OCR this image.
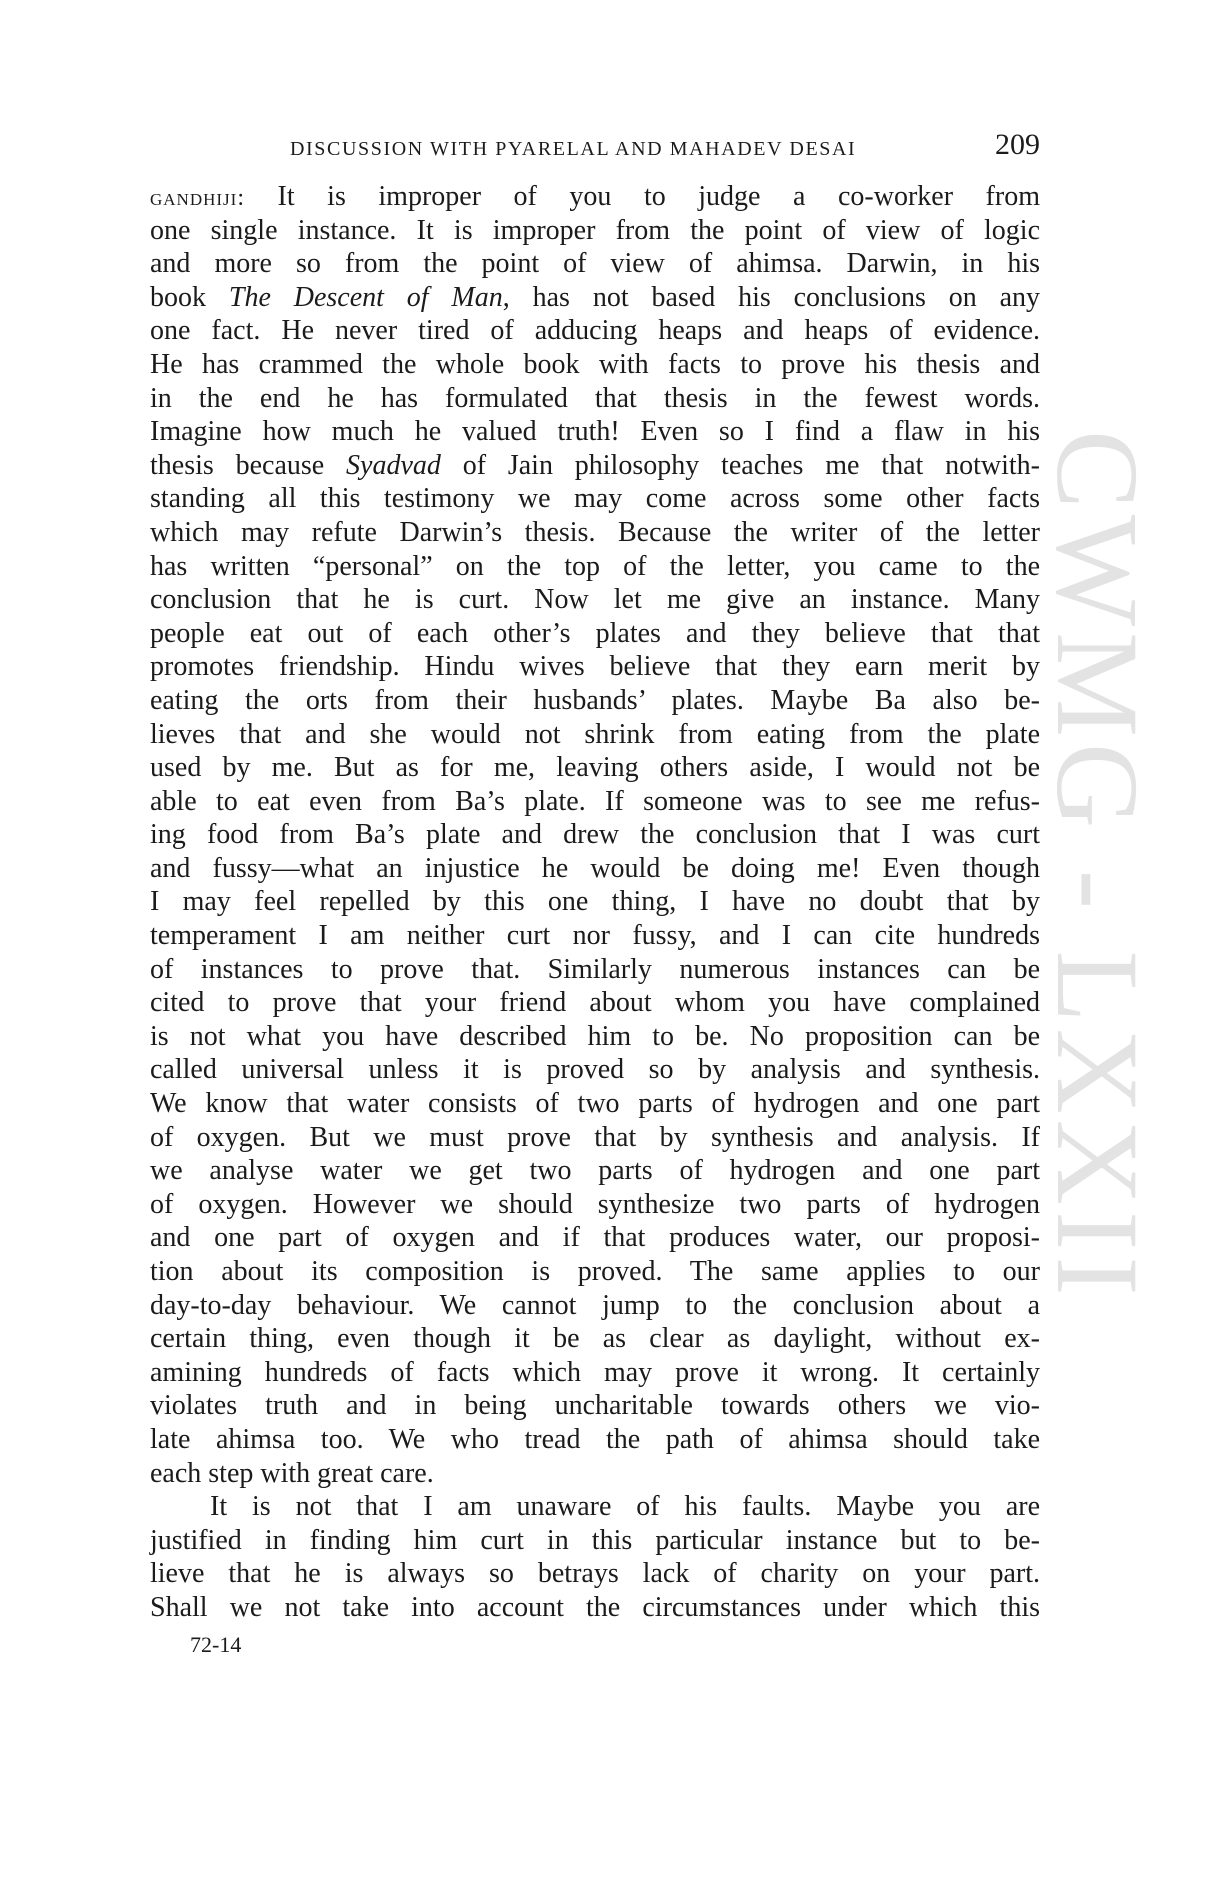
CWMG - LXXII
DISCUSSION WITH PYARELAL AND MAHADEV DESAI	209
gandhiji: It is improper of you to judge a co-worker from
one single instance. It is improper from the point of view of logic
and more so from the point of view of ahimsa. Darwin, in his
book The Descent of Man, has not based his conclusions on any
one fact. He never tired of adducing heaps and heaps of evidence.
He has crammed the whole book with facts to prove his thesis and
in the end he has formulated that thesis in the fewest words.
Imagine how much he valued truth! Even so I find a flaw in his
thesis because Syadvad of Jain philosophy teaches me that notwith-
standing all this testimony we may come across some other facts
which may refute Darwin’s thesis. Because the writer of the letter
has written “personal” on the top of the letter, you came to the
conclusion that he is curt. Now let me give an instance. Many
people eat out of each other’s plates and they believe that that
promotes friendship. Hindu wives believe that they earn merit by
eating the orts from their husbands’ plates. Maybe Ba also be-
lieves that and she would not shrink from eating from the plate
used by me. But as for me, leaving others aside, I would not be
able to eat even from Ba’s plate. If someone was to see me refus-
ing food from Ba’s plate and drew the conclusion that I was curt
and fussy—what an injustice he would be doing me! Even though
I may feel repelled by this one thing, I have no doubt that by
temperament I am neither curt nor fussy, and I can cite hundreds
of instances to prove that. Similarly numerous instances can be
cited to prove that your friend about whom you have complained
is not what you have described him to be. No proposition can be
called universal unless it is proved so by analysis and synthesis.
We know that water consists of two parts of hydrogen and one part
of oxygen. But we must prove that by synthesis and analysis. If
we analyse water we get two parts of hydrogen and one part
of oxygen. However we should synthesize two parts of hydrogen
and one part of oxygen and if that produces water, our proposi-
tion about its composition is proved. The same applies to our
day-to-day behaviour. We cannot jump to the conclusion about a
certain thing, even though it be as clear as daylight, without ex-
amining hundreds of facts which may prove it wrong. It certainly
violates truth and in being uncharitable towards others we vio-
late ahimsa too. We who tread the path of ahimsa should take
each step with great care.
It is not that I am unaware of his faults. Maybe you are
justified in finding him curt in this particular instance but to be-
lieve that he is always so betrays lack of charity on your part.
Shall we not take into account the circumstances under which this
72-14
